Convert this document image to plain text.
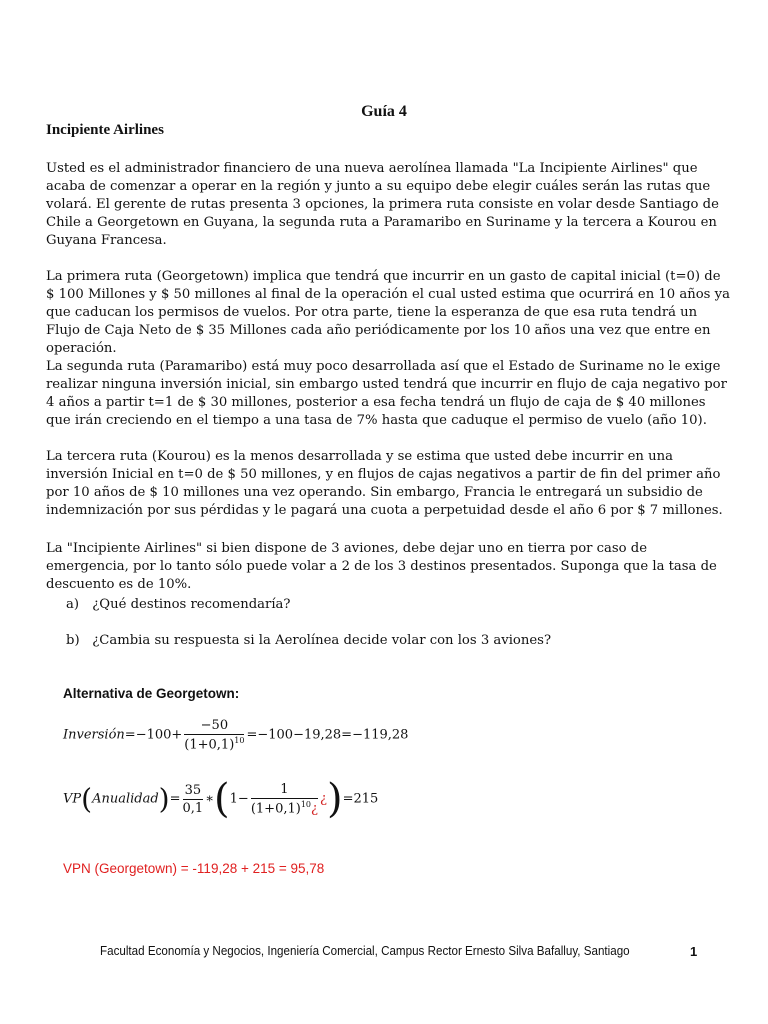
Guía 4
Incipiente Airlines

Usted es el administrador financiero de una nueva aerolínea llamada "La Incipiente Airlines" que acaba de comenzar a operar en la región y junto a su equipo debe elegir cuáles serán las rutas que volará. El gerente de rutas presenta 3 opciones, la primera ruta consiste en volar desde Santiago de Chile a Georgetown en Guyana, la segunda ruta a Paramaribo en Suriname y la tercera a Kourou en Guyana Francesa.

La primera ruta (Georgetown) implica que tendrá que incurrir en un gasto de capital inicial (t=0) de $ 100 Millones y $ 50 millones al final de la operación el cual usted estima que ocurrirá en 10 años ya que caducan los permisos de vuelos. Por otra parte, tiene la esperanza de que esa ruta tendrá un Flujo de Caja Neto de $ 35 Millones cada año periódicamente por los 10 años una vez que entre en operación.

La segunda ruta (Paramaribo) está muy poco desarrollada así que el Estado de Suriname no le exige realizar ninguna inversión inicial, sin embargo usted tendrá que incurrir en flujo de caja negativo por 4 años a partir t=1 de $ 30 millones, posterior a esa fecha tendrá un flujo de caja de $ 40 millones que irán creciendo en el tiempo a una tasa de 7% hasta que caduque el permiso de vuelo (año 10).

La tercera ruta (Kourou) es la menos desarrollada y se estima que usted debe incurrir en una inversión Inicial en t=0 de $ 50 millones, y en flujos de cajas negativos a partir de fin del primer año por 10 años de $ 10 millones una vez operando. Sin embargo, Francia le entregará un subsidio de indemnización por sus pérdidas y le pagará una cuota a perpetuidad desde el año 6 por $ 7 millones.

La "Incipiente Airlines" si bien dispone de 3 aviones, debe dejar uno en tierra por caso de emergencia, por lo tanto sólo puede volar a 2 de los 3 destinos presentados. Suponga que la tasa de descuento es de 10%.

a) ¿Qué destinos recomendaría?
b) ¿Cambia su respuesta si la Aerolínea decide volar con los 3 aviones?
Alternativa de Georgetown:
Inversión=−100+ $\frac{-50}{(1+0,1)^{10}} =-100-19,28=-119,28$
VP(Anualidad)= $\frac{35}{0,1}$ ∗(1− $\frac{1}{(1+0,1)^{10}¿}$ ¿)=215
VPN (Georgetown) = -119,28 + 215 = 95,78
Facultad Economía y Negocios, Ingeniería Comercial, Campus Rector Ernesto Silva Bafalluy, Santiago	1
